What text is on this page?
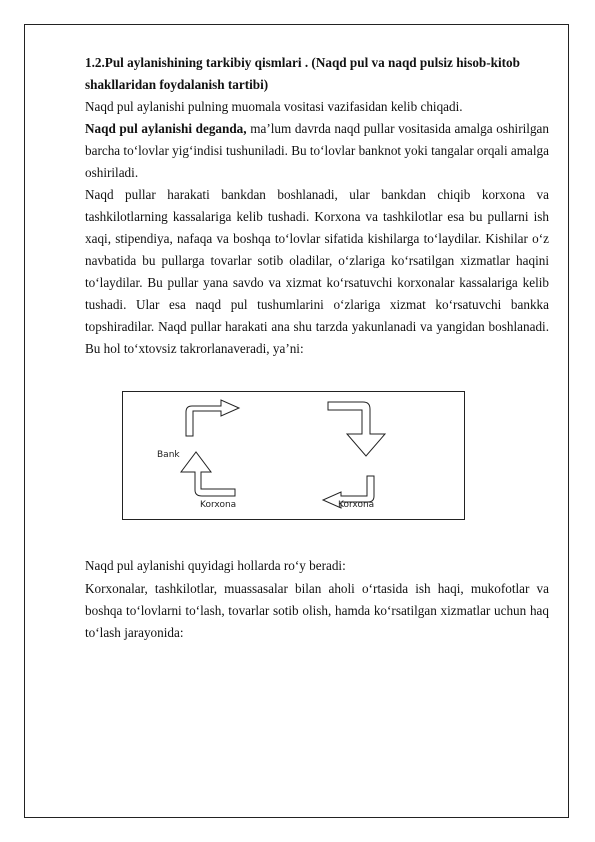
1.2.Pul aylanishining tarkibiy qismlari . (Naqd pul va naqd pulsiz hisob-kitob shakllaridan foydalanish tartibi)

Naqd pul aylanishi pulning muomala vositasi vazifasidan kelib chiqadi.

Naqd pul aylanishi deganda, ma’lum davrda naqd pullar vositasida amalga oshirilgan barcha to‘lovlar yig‘indisi tushuniladi. Bu to‘lovlar banknot yoki tangalar orqali amalga oshiriladi.

Naqd pullar harakati bankdan boshlanadi, ular bankdan chiqib korxona va tashkilotlarning kassalariga kelib tushadi. Korxona va tashkilotlar esa bu pullarni ish xaqi, stipendiya, nafaqa va boshqa to‘lovlar sifatida kishilarga to‘laydilar. Kishilar o‘z navbatida bu pullarga tovarlar sotib oladilar, o‘zlariga ko‘rsatilgan xizmatlar haqini to‘laydilar. Bu pullar yana savdo va xizmat ko‘rsatuvchi korxonalar kassalariga kelib tushadi. Ular esa naqd pul tushumlarini o‘zlariga xizmat ko‘rsatuvchi bankka topshiradilar. Naqd pullar harakati ana shu tarzda yakunlanadi va yangidan boshlanadi. Bu hol to‘xtovsiz takrorlanaveradi, ya’ni:

Bank
Korxona	Korxona

Naqd pul aylanishi quyidagi hollarda ro‘y beradi:

Korxonalar, tashkilotlar, muassasalar bilan aholi o‘rtasida ish haqi, mukofotlar va boshqa to‘lovlarni to‘lash, tovarlar sotib olish, hamda ko‘rsatilgan xizmatlar uchun haq to‘lash jarayonida:
